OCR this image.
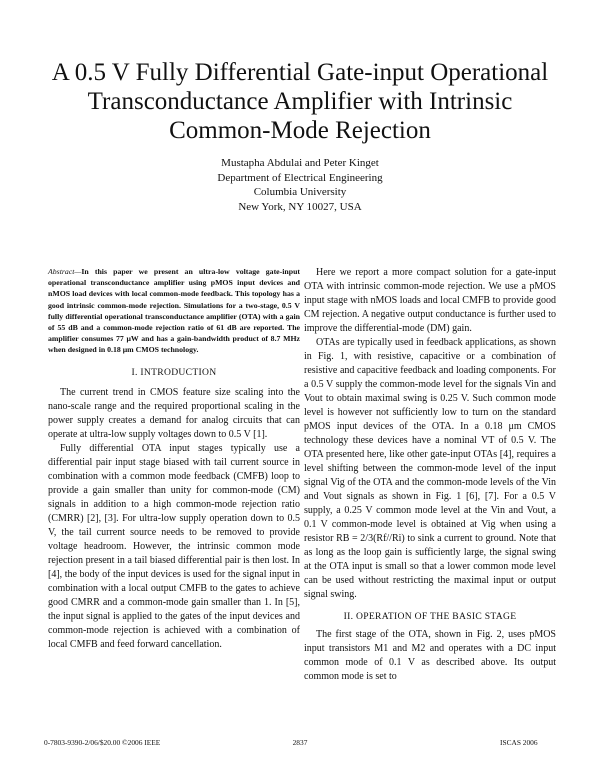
A 0.5 V Fully Differential Gate-input Operational
Transconductance Amplifier with Intrinsic
Common-Mode Rejection
Mustapha Abdulai and Peter Kinget
Department of Electrical Engineering
Columbia University
New York, NY 10027, USA
Abstract—In this paper we present an ultra-low voltage gate-input operational transconductance amplifier using pMOS input devices and nMOS load devices with local common-mode feedback. This topology has a good intrinsic common-mode rejection. Simulations for a two-stage, 0.5 V fully differential operational transconductance amplifier (OTA) with a gain of 55 dB and a common-mode rejection ratio of 61 dB are reported. The amplifier consumes 77 μW and has a gain-bandwidth product of 8.7 MHz when designed in 0.18 μm CMOS technology.
I. INTRODUCTION

The current trend in CMOS feature size scaling into the nano-scale range and the required proportional scaling in the power supply creates a demand for analog circuits that can operate at ultra-low supply voltages down to 0.5 V [1].

Fully differential OTA input stages typically use a differential pair input stage biased with tail current source in combination with a common mode feedback (CMFB) loop to provide a gain smaller than unity for common-mode (CM) signals in addition to a high common-mode rejection ratio (CMRR) [2], [3]. For ultra-low supply operation down to 0.5 V, the tail current source needs to be removed to provide voltage headroom. However, the intrinsic common mode rejection present in a tail biased differential pair is then lost. In [4], the body of the input devices is used for the signal input in combination with a local output CMFB to the gates to achieve good CMRR and a common-mode gain smaller than 1. In [5], the input signal is applied to the gates of the input devices and common-mode rejection is achieved with a combination of local CMFB and feed forward cancellation.

Here we report a more compact solution for a gate-input OTA with intrinsic common-mode rejection. We use a pMOS input stage with nMOS loads and local CMFB to provide good CM rejection. A negative output conductance is further used to improve the differential-mode (DM) gain.

OTAs are typically used in feedback applications, as shown in Fig. 1, with resistive, capacitive or a combination of resistive and capacitive feedback and loading components. For a 0.5 V supply the common-mode level for the signals Vin and Vout to obtain maximal swing is 0.25 V. Such common mode level is however not sufficiently low to turn on the standard pMOS input devices of the OTA. In a 0.18 μm CMOS technology these devices have a nominal VT of 0.5 V. The OTA presented here, like other gate-input OTAs [4], requires a level shifting between the common-mode level of the input signal Vig of the OTA and the common-mode levels of the Vin and Vout signals as shown in Fig. 1 [6], [7]. For a 0.5 V supply, a 0.25 V common mode level at the Vin and Vout, a 0.1 V common-mode level is obtained at Vig when using a resistor RB = 2/3(Rf//Ri) to sink a current to ground. Note that as long as the loop gain is sufficiently large, the signal swing at the OTA input is small so that a lower common mode level can be used without restricting the maximal input or output signal swing.

II. OPERATION OF THE BASIC STAGE

The first stage of the OTA, shown in Fig. 2, uses pMOS input transistors M1 and M2 and operates with a DC input common mode of 0.1 V as described above. Its output common mode is set to

0-7803-9390-2/06/$20.00 ©2006 IEEE	2837	ISCAS 2006
